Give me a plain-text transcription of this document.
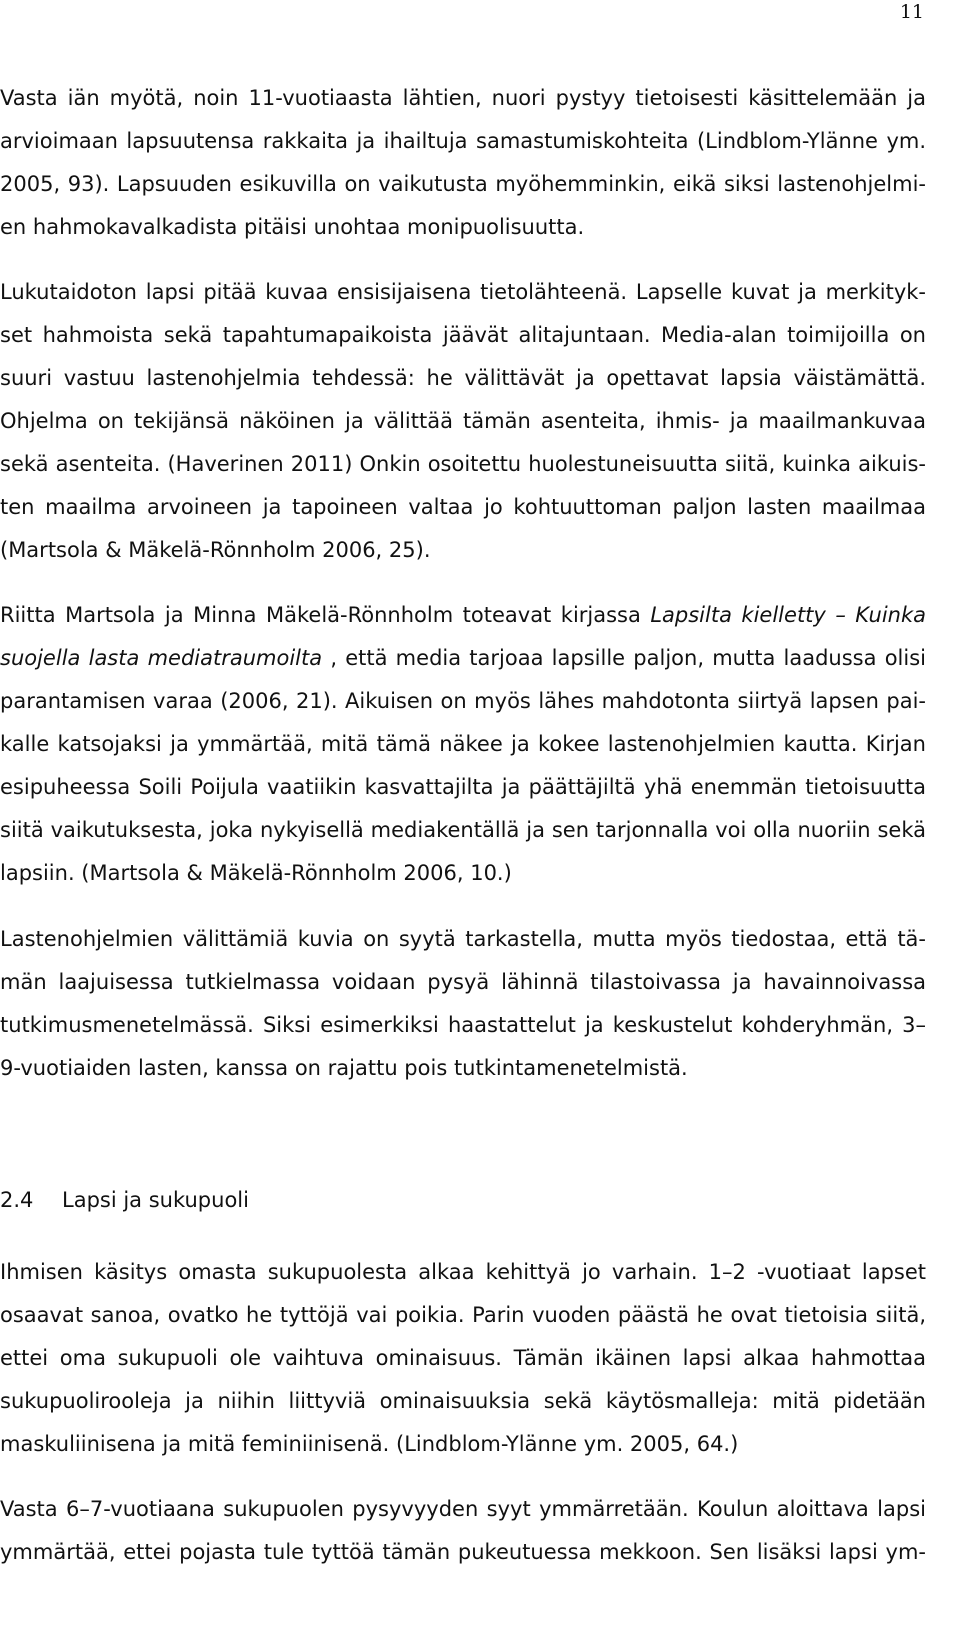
11
Vasta iän myötä, noin 11-vuotiaasta lähtien, nuori pystyy tietoisesti käsittelemään ja
arvioimaan lapsuutensa rakkaita ja ihailtuja samastumiskohteita (Lindblom-Ylänne ym.
2005, 93). Lapsuuden esikuvilla on vaikutusta myöhemminkin, eikä siksi lastenohjelmi-
en hahmokavalkadista pitäisi unohtaa monipuolisuutta.
Lukutaidoton lapsi pitää kuvaa ensisijaisena tietolähteenä. Lapselle kuvat ja merkityk-
set hahmoista sekä tapahtumapaikoista jäävät alitajuntaan. Media-alan toimijoilla on
suuri vastuu lastenohjelmia tehdessä: he välittävät ja opettavat lapsia väistämättä.
Ohjelma on tekijänsä näköinen ja välittää tämän asenteita, ihmis- ja maailmankuvaa
sekä asenteita. (Haverinen 2011) Onkin osoitettu huolestuneisuutta siitä, kuinka aikuis-
ten maailma arvoineen ja tapoineen valtaa jo kohtuuttoman paljon lasten maailmaa
(Martsola & Mäkelä-Rönnholm 2006, 25).
Riitta Martsola ja Minna Mäkelä-Rönnholm toteavat kirjassa Lapsilta kielletty – Kuinka
suojella lasta mediatraumoilta , että media tarjoaa lapsille paljon, mutta laadussa olisi
parantamisen varaa (2006, 21). Aikuisen on myös lähes mahdotonta siirtyä lapsen pai-
kalle katsojaksi ja ymmärtää, mitä tämä näkee ja kokee lastenohjelmien kautta. Kirjan
esipuheessa Soili Poijula vaatiikin kasvattajilta ja päättäjiltä yhä enemmän tietoisuutta
siitä vaikutuksesta, joka nykyisellä mediakentällä ja sen tarjonnalla voi olla nuoriin sekä
lapsiin. (Martsola & Mäkelä-Rönnholm 2006, 10.)
Lastenohjelmien välittämiä kuvia on syytä tarkastella, mutta myös tiedostaa, että tä-
män laajuisessa tutkielmassa voidaan pysyä lähinnä tilastoivassa ja havainnoivassa
tutkimusmenetelmässä. Siksi esimerkiksi haastattelut ja keskustelut kohderyhmän, 3–
9-vuotiaiden lasten, kanssa on rajattu pois tutkintamenetelmistä.
2.4 Lapsi ja sukupuoli
Ihmisen käsitys omasta sukupuolesta alkaa kehittyä jo varhain. 1–2 -vuotiaat lapset
osaavat sanoa, ovatko he tyttöjä vai poikia. Parin vuoden päästä he ovat tietoisia siitä,
ettei oma sukupuoli ole vaihtuva ominaisuus. Tämän ikäinen lapsi alkaa hahmottaa
sukupuolirooleja ja niihin liittyviä ominaisuuksia sekä käytösmalleja: mitä pidetään
maskuliinisena ja mitä feminiinisenä. (Lindblom-Ylänne ym. 2005, 64.)
Vasta 6–7-vuotiaana sukupuolen pysyvyyden syyt ymmärretään. Koulun aloittava lapsi
ymmärtää, ettei pojasta tule tyttöä tämän pukeutuessa mekkoon. Sen lisäksi lapsi ym-
